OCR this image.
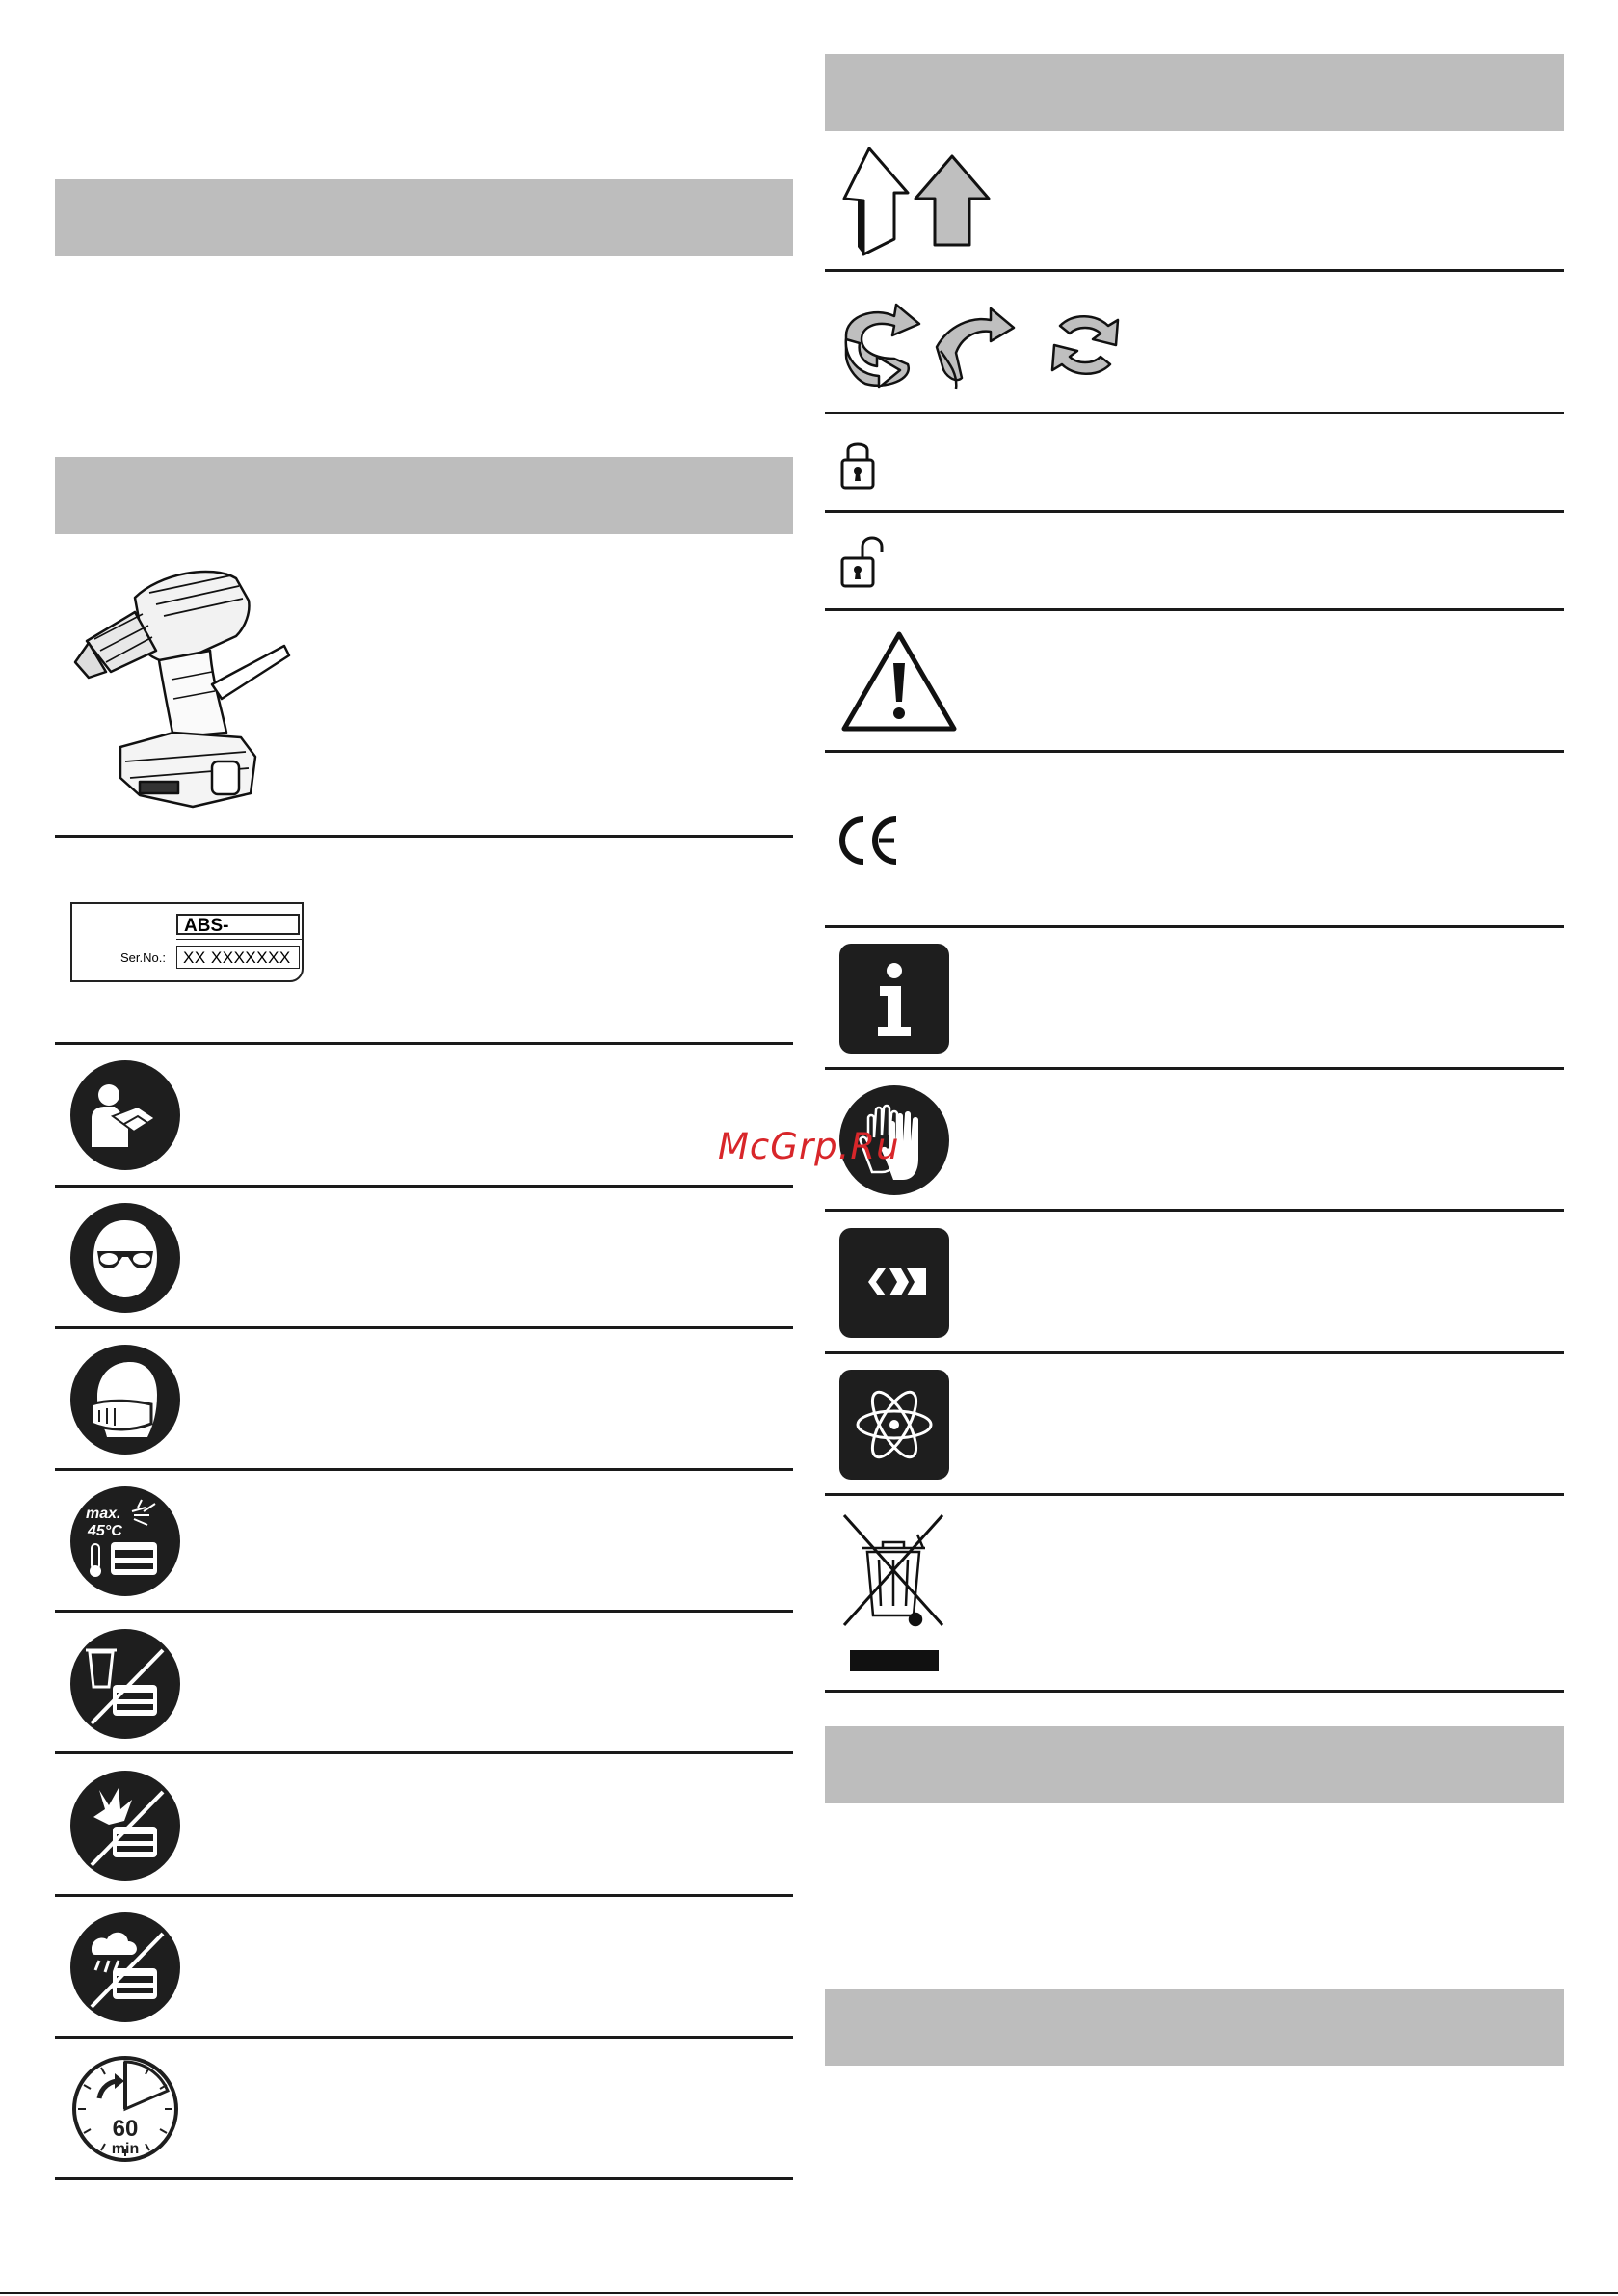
ABS-
Ser.No.:	XX XXXXXXX
max.
45°C
60
min
McGrp.Ru
